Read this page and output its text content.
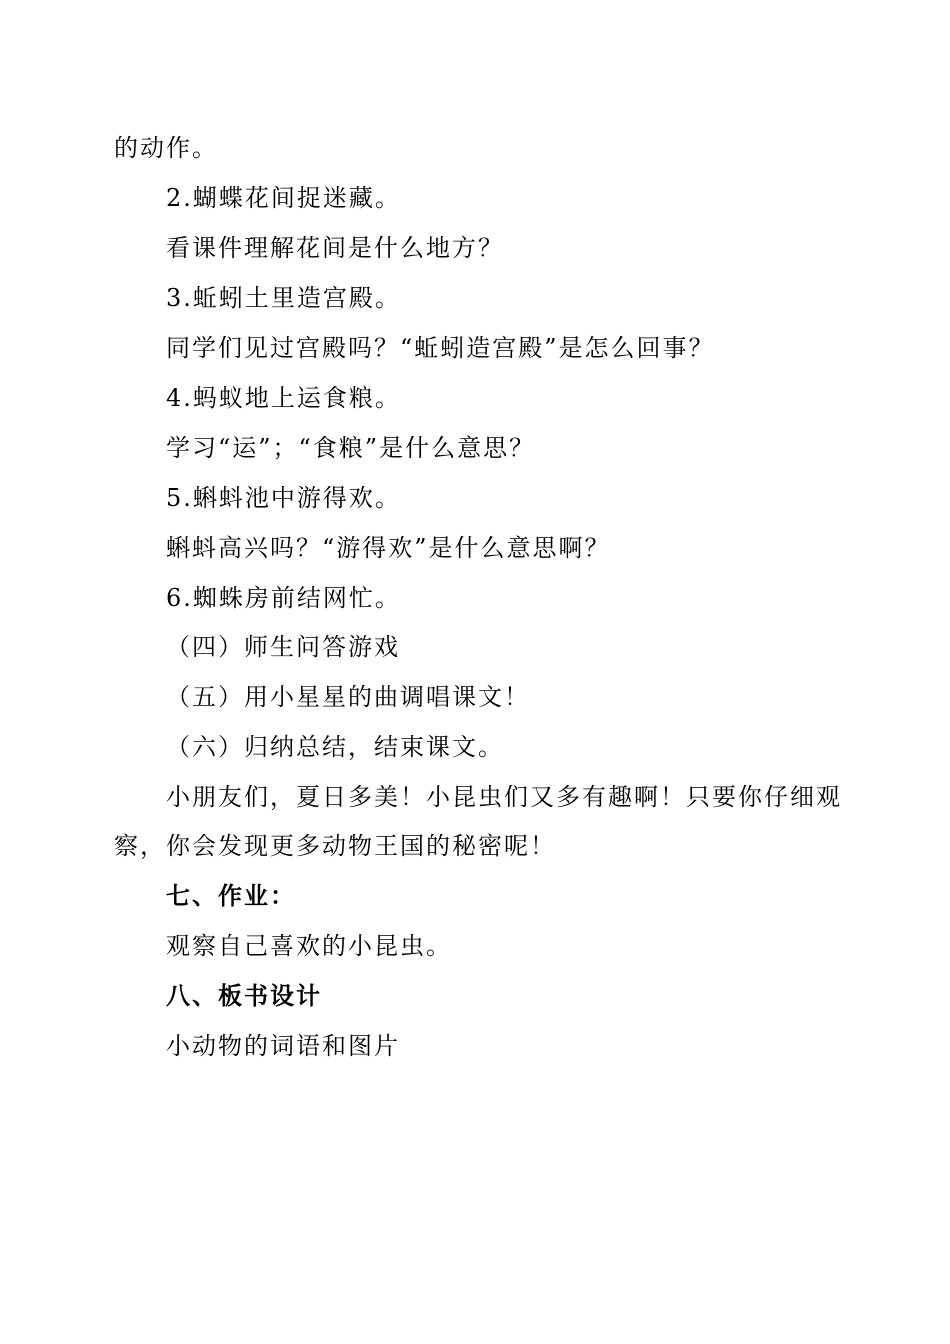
的动作。
2.蝴蝶花间捉迷藏。
看课件理解花间是什么地方？
3.蚯蚓土里造宫殿。
同学们见过宫殿吗？“蚯蚓造宫殿”是怎么回事？
4.蚂蚁地上运食粮。
学习“运”；“食粮”是什么意思？
5.蝌蚪池中游得欢。
蝌蚪高兴吗？“游得欢”是什么意思啊？
6.蜘蛛房前结网忙。
（四）师生问答游戏
（五）用小星星的曲调唱课文！
（六）归纳总结，结束课文。
小朋友们，夏日多美！小昆虫们又多有趣啊！只要你仔细观
察，你会发现更多动物王国的秘密呢！
七、作业：
观察自己喜欢的小昆虫。
八、板书设计
小动物的词语和图片
